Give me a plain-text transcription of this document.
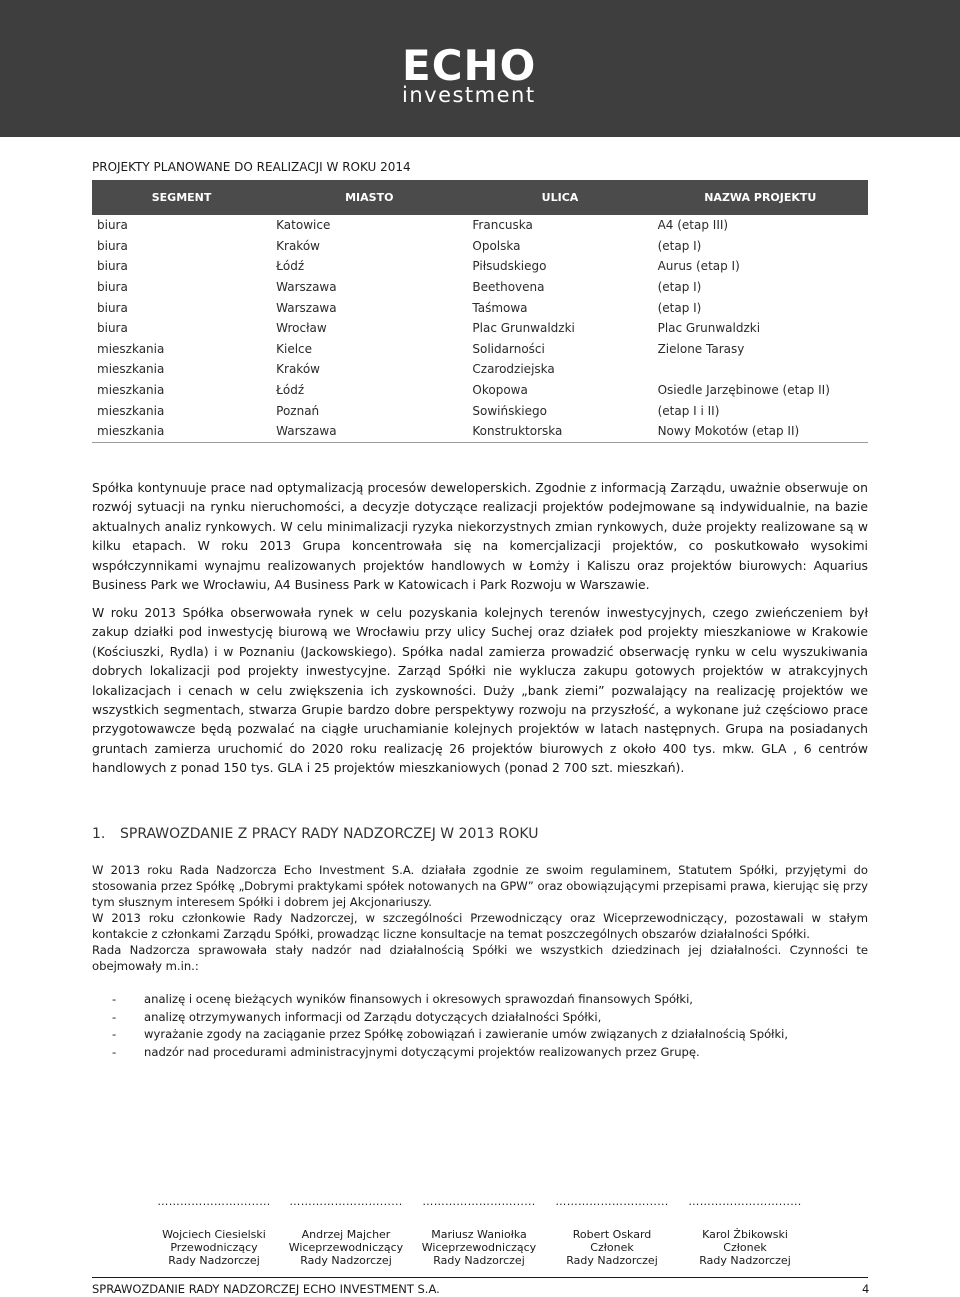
ECHO
investment
PROJEKTY PLANOWANE DO REALIZACJI W ROKU 2014
SEGMENT	MIASTO	ULICA	NAZWA PROJEKTU
biura	Katowice	Francuska	A4 (etap III)
biura	Kraków	Opolska	(etap I)
biura	Łódź	Piłsudskiego	Aurus (etap I)
biura	Warszawa	Beethovena	(etap I)
biura	Warszawa	Taśmowa	(etap I)
biura	Wrocław	Plac Grunwaldzki	Plac Grunwaldzki
mieszkania	Kielce	Solidarności	Zielone Tarasy
mieszkania	Kraków	Czarodziejska	
mieszkania	Łódź	Okopowa	Osiedle Jarzębinowe (etap II)
mieszkania	Poznań	Sowińskiego	(etap I i II)
mieszkania	Warszawa	Konstruktorska	Nowy Mokotów (etap II)
Spółka kontynuuje prace nad optymalizacją procesów deweloperskich. Zgodnie z informacją Zarządu, uważnie obserwuje on rozwój sytuacji na rynku nieruchomości, a decyzje dotyczące realizacji projektów podejmowane są indywidualnie, na bazie aktualnych analiz rynkowych. W celu minimalizacji ryzyka niekorzystnych zmian rynkowych, duże projekty realizowane są w kilku etapach. W roku 2013 Grupa koncentrowała się na komercjalizacji projektów, co poskutkowało wysokimi współczynnikami wynajmu realizowanych projektów handlowych w Łomży i Kaliszu oraz projektów biurowych: Aquarius Business Park we Wrocławiu, A4 Business Park w Katowicach i Park Rozwoju w Warszawie.
W roku 2013 Spółka obserwowała rynek w celu pozyskania kolejnych terenów inwestycyjnych, czego zwieńczeniem był zakup działki pod inwestycję biurową we Wrocławiu przy ulicy Suchej oraz działek pod projekty mieszkaniowe w Krakowie (Kościuszki, Rydla) i w Poznaniu (Jackowskiego). Spółka nadal zamierza prowadzić obserwację rynku w celu wyszukiwania dobrych lokalizacji pod projekty inwestycyjne. Zarząd Spółki nie wyklucza zakupu gotowych projektów w atrakcyjnych lokalizacjach i cenach w celu zwiększenia ich zyskowności. Duży „bank ziemi” pozwalający na realizację projektów we wszystkich segmentach, stwarza Grupie bardzo dobre perspektywy rozwoju na przyszłość, a wykonane już częściowo prace przygotowawcze będą pozwalać na ciągłe uruchamianie kolejnych projektów w latach następnych. Grupa na posiadanych gruntach zamierza uruchomić do 2020 roku realizację 26 projektów biurowych z około 400 tys. mkw. GLA , 6 centrów handlowych z ponad 150 tys. GLA i 25 projektów mieszkaniowych (ponad 2 700 szt. mieszkań).
1. SPRAWOZDANIE Z PRACY RADY NADZORCZEJ W 2013 ROKU
W 2013 roku Rada Nadzorcza Echo Investment S.A. działała zgodnie ze swoim regulaminem, Statutem Spółki, przyjętymi do stosowania przez Spółkę „Dobrymi praktykami spółek notowanych na GPW” oraz obowiązującymi przepisami prawa, kierując się przy tym słusznym interesem Spółki i dobrem jej Akcjonariuszy.
W 2013 roku członkowie Rady Nadzorczej, w szczególności Przewodniczący oraz Wiceprzewodniczący, pozostawali w stałym kontakcie z członkami Zarządu Spółki, prowadząc liczne konsultacje na temat poszczególnych obszarów działalności Spółki.
Rada Nadzorcza sprawowała stały nadzór nad działalnością Spółki we wszystkich dziedzinach jej działalności. Czynności te obejmowały m.in.:
- analizę i ocenę bieżących wyników finansowych i okresowych sprawozdań finansowych Spółki,
- analizę otrzymywanych informacji od Zarządu dotyczących działalności Spółki,
- wyrażanie zgody na zaciąganie przez Spółkę zobowiązań i zawieranie umów związanych z działalnością Spółki,
- nadzór nad procedurami administracyjnymi dotyczącymi projektów realizowanych przez Grupę.
……………………......
Wojciech Ciesielski
Przewodniczący
Rady Nadzorczej
……………………......
Andrzej Majcher
Wiceprzewodniczący
Rady Nadzorczej
……………………......
Mariusz Waniołka
Wiceprzewodniczący
Rady Nadzorczej
……………………......
Robert Oskard
Członek
Rady Nadzorczej
……………………......
Karol Żbikowski
Członek
Rady Nadzorczej
SPRAWOZDANIE RADY NADZORCZEJ ECHO INVESTMENT S.A.	4
